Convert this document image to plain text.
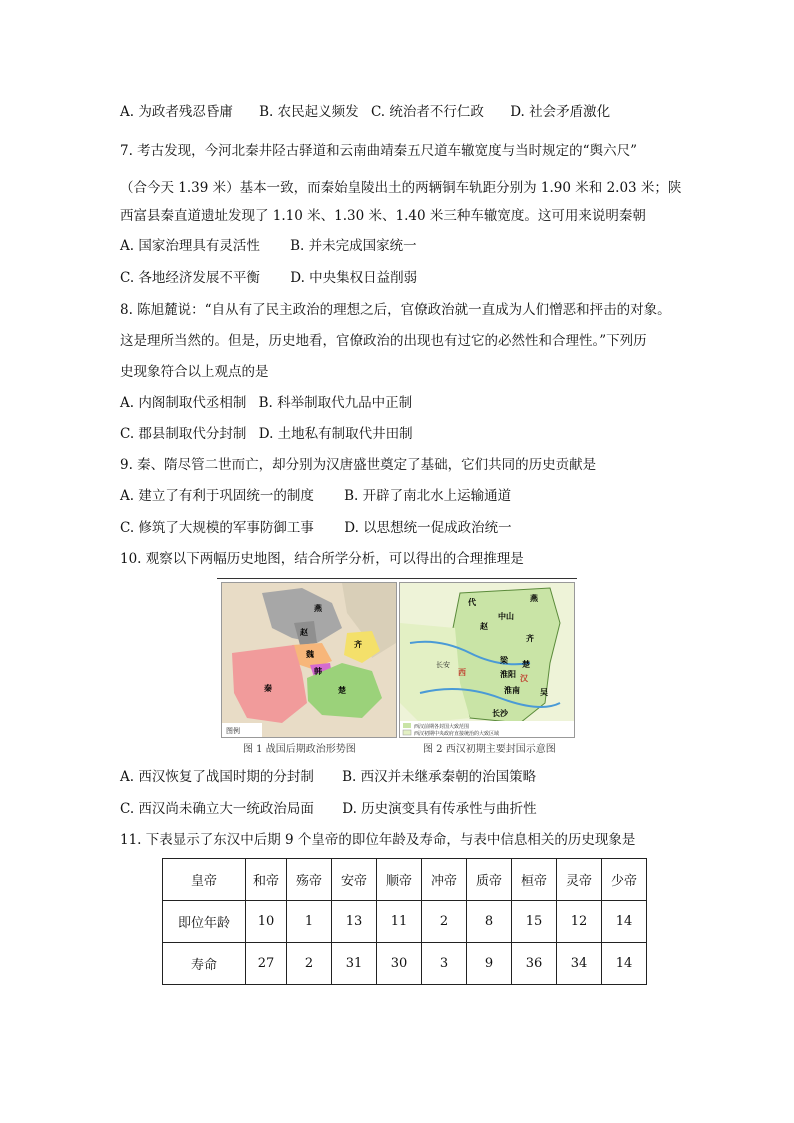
A. 为政者残忍昏庸 B. 农民起义频发 C. 统治者不行仁政 D. 社会矛盾激化
7. 考古发现，今河北秦井陉古驿道和云南曲靖秦五尺道车辙宽度与当时规定的“舆六尺”
（合今天 1.39 米）基本一致，而秦始皇陵出土的两辆铜车轨距分别为 1.90 米和 2.03 米；陕
西富县秦直道遗址发现了 1.10 米、1.30 米、1.40 米三种车辙宽度。这可用来说明秦朝
A. 国家治理具有灵活性 B. 并未完成国家统一
C. 各地经济发展不平衡 D. 中央集权日益削弱
8. 陈旭麓说：“自从有了民主政治的理想之后，官僚政治就一直成为人们憎恶和抨击的对象。
这是理所当然的。但是，历史地看，官僚政治的出现也有过它的必然性和合理性。”下列历
史现象符合以上观点的是
A. 内阁制取代丞相制 B. 科举制取代九品中正制
C. 郡县制取代分封制 D. 土地私有制取代井田制
9. 秦、隋尽管二世而亡，却分别为汉唐盛世奠定了基础，它们共同的历史贡献是
A. 建立了有利于巩固统一的制度 B. 开辟了南北水上运输通道
C. 修筑了大规模的军事防御工事 D. 以思想统一促成政治统一
10. 观察以下两幅历史地图，结合所学分析，可以得出的合理推理是
燕
赵
齐
魏
韩
秦	楚
图例
图 1 战国后期政治形势图
代	燕
中山
赵
齐
梁 楚
淮阳
淮南	吴
长沙
西
汉
长安
西汉前期各封国大致范围
西汉初期中央政府直接统治的大致区域
图 2 西汉初期主要封国示意图
A. 西汉恢复了战国时期的分封制 B. 西汉并未继承秦朝的治国策略
C. 西汉尚未确立大一统政治局面 D. 历史演变具有传承性与曲折性
11. 下表显示了东汉中后期 9 个皇帝的即位年龄及寿命，与表中信息相关的历史现象是
皇帝	和帝	殇帝	安帝	顺帝	冲帝	质帝	桓帝	灵帝	少帝
即位年龄	10	1	13	11	2	8	15	12	14
寿命	27	2	31	30	3	9	36	34	14
